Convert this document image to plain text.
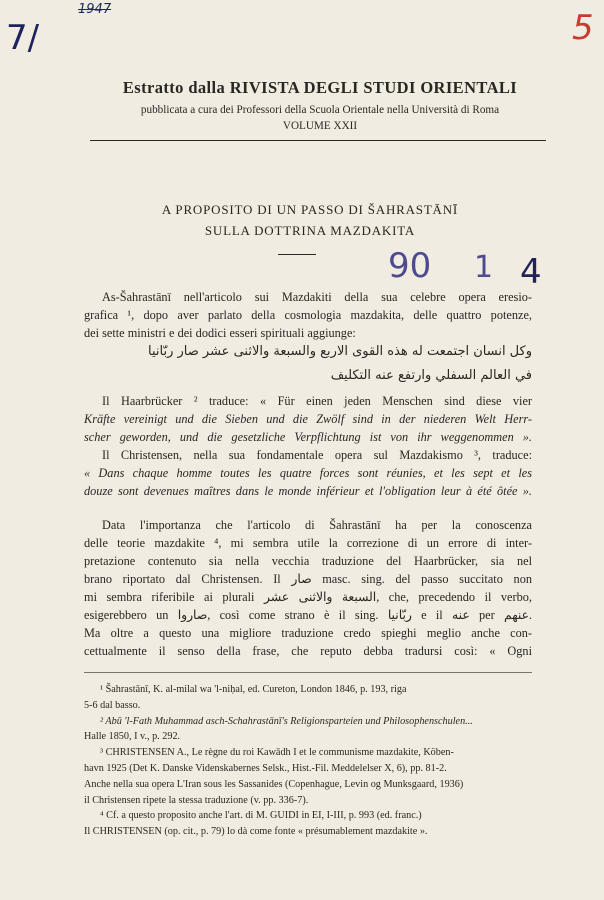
1947
7/	5
Estratto dalla RIVISTA DEGLI STUDI ORIENTALI
pubblicata a cura dei Professori della Scuola Orientale nella Università di Roma
VOLUME XXII
A PROPOSITO DI UN PASSO DI ŠAHRASTĀNĪ
SULLA DOTTRINA MAZDAKITA
90 1 4
As-Šahrastānī nell'articolo sui Mazdakiti della sua celebre opera eresio-
grafica ¹, dopo aver parlato della cosmologia mazdakita, delle quattro potenze,
dei sette ministri e dei dodici esseri spirituali aggiunge:
وكل انسان اجتمعت له هذه القوى الاربع والسبعة والاثنى عشر صار ربّانيا
في العالم السفلي وارتفع عنه التكليف
Il Haarbrücker ² traduce: « Für einen jeden Menschen sind diese vier
Kräfte vereinigt und die Sieben und die Zwölf sind in der niederen Welt Herr-
scher geworden, und die gesetzliche Verpflichtung ist von ihr weggenommen ».
Il Christensen, nella sua fondamentale opera sul Mazdakismo ³, traduce:
« Dans chaque homme toutes les quatre forces sont réunies, et les sept et les
douze sont devenues maîtres dans le monde inférieur et l'obligation leur à été ôtée ».
Data l'importanza che l'articolo di Šahrastānī ha per la conoscenza
delle teorie mazdakite ⁴, mi sembra utile la correzione di un errore di inter-
pretazione contenuto sia nella vecchia traduzione del Haarbrücker, sia nel
brano riportato dal Christensen. Il صار masc. sing. del passo succitato non
mi sembra riferibile ai plurali السبعة والاثنى عشر, che, precedendo il verbo,
esigerebbero un صاروا, così come strano è il sing. ربّانيا e il عنه per عنهم.
Ma oltre a questo una migliore traduzione credo spieghi meglio anche con-
cettualmente il senso della frase, che reputo debba tradursi così: « Ogni
¹ Šahrastānī, K. al-milal wa 'l-niḥal, ed. Cureton, London 1846, p. 193, riga
5-6 dal basso.
² Abū 'l-Fath Muhammad asch-Schahrastānī's Religionsparteien und Philosophenschulen...
Halle 1850, I v., p. 292.
³ CHRISTENSEN A., Le règne du roi Kawādh I et le communisme mazdakite, Köben-
havn 1925 (Det K. Danske Videnskabernes Selsk., Hist.-Fil. Meddelelser X, 6), pp. 81-2.
Anche nella sua opera L'Iran sous les Sassanides (Copenhague, Levin og Munksgaard, 1936)
il Christensen ripete la stessa traduzione (v. pp. 336-7).
⁴ Cf. a questo proposito anche l'art. di M. GUIDI in EI, I-III, p. 993 (ed. franc.)
Il CHRISTENSEN (op. cit., p. 79) lo dà come fonte « présumablement mazdakite ».
